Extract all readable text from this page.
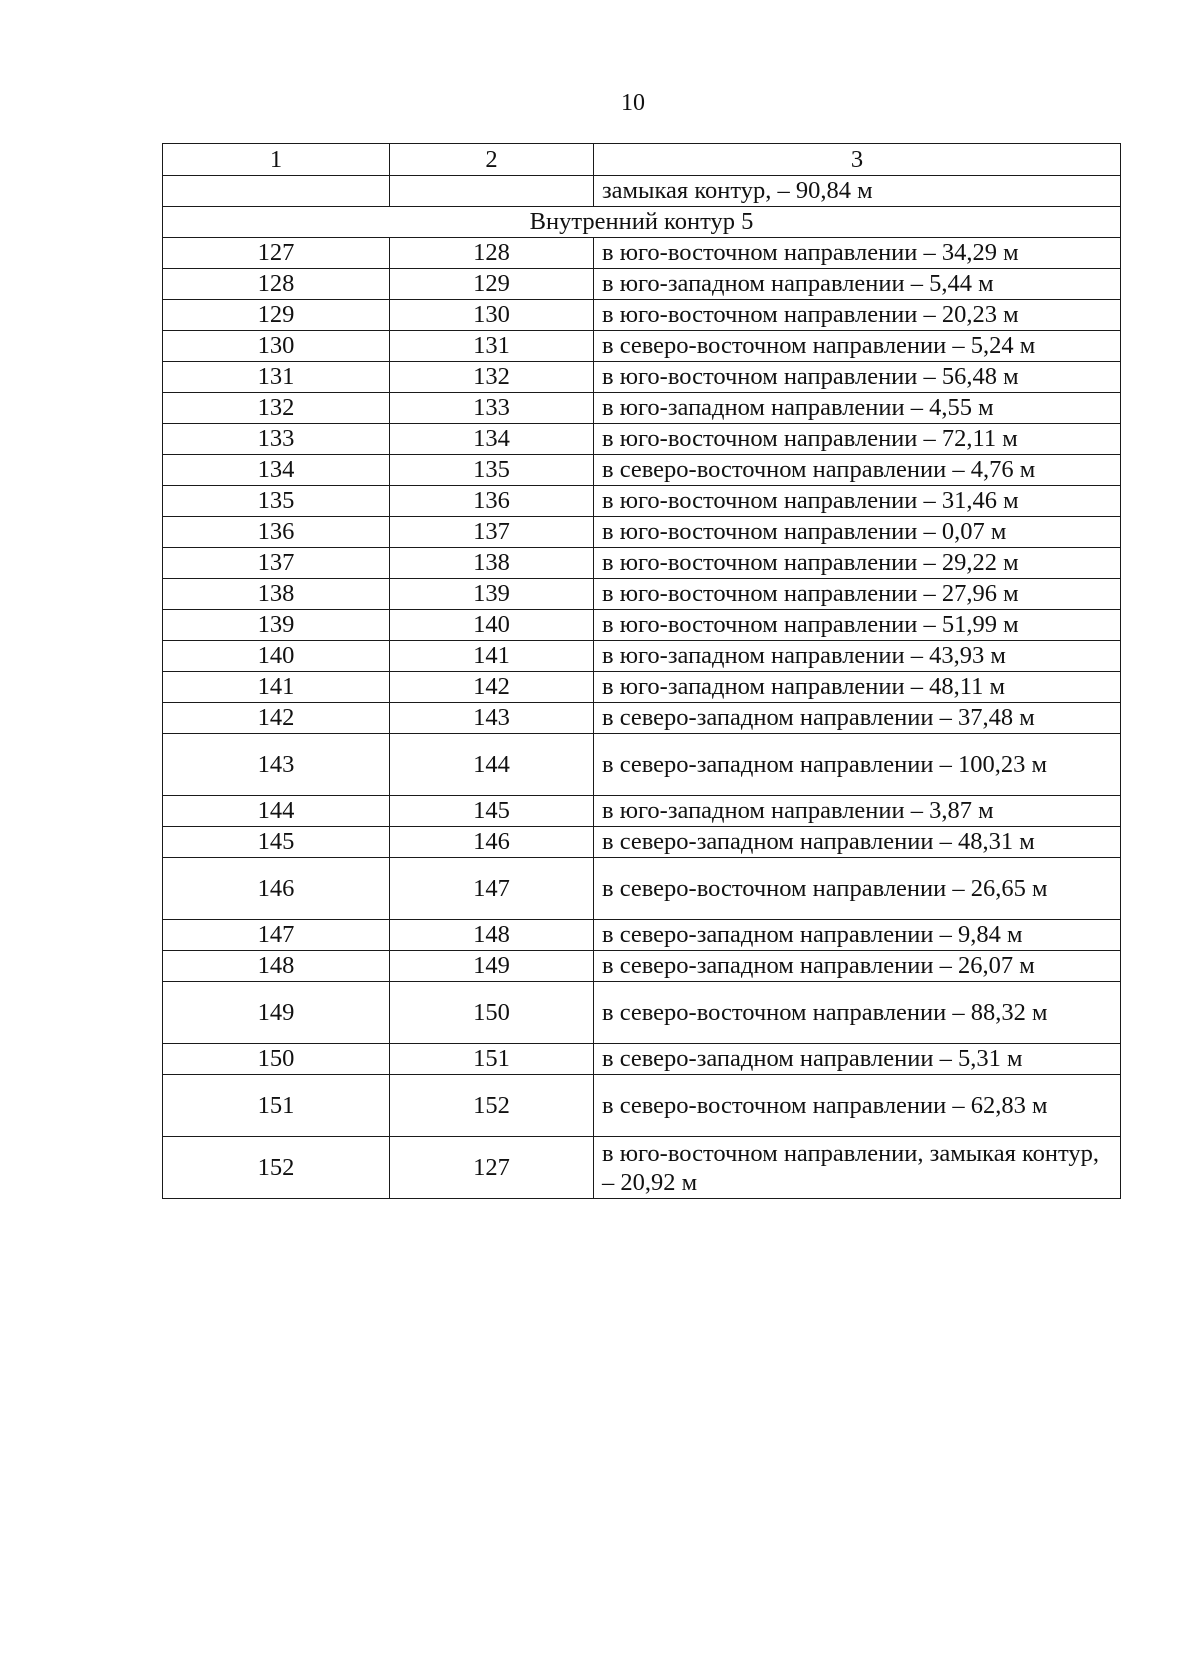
10
1	2	3
		замыкая контур, – 90,84 м
Внутренний контур 5		
127	128	в юго-восточном направлении – 34,29 м
128	129	в юго-западном направлении – 5,44 м
129	130	в юго-восточном направлении – 20,23 м
130	131	в северо-восточном направлении – 5,24 м
131	132	в юго-восточном направлении – 56,48 м
132	133	в юго-западном направлении – 4,55 м
133	134	в юго-восточном направлении – 72,11 м
134	135	в северо-восточном направлении – 4,76 м
135	136	в юго-восточном направлении – 31,46 м
136	137	в юго-восточном направлении – 0,07 м
137	138	в юго-восточном направлении – 29,22 м
138	139	в юго-восточном направлении – 27,96 м
139	140	в юго-восточном направлении – 51,99 м
140	141	в юго-западном направлении – 43,93 м
141	142	в юго-западном направлении – 48,11 м
142	143	в северо-западном направлении – 37,48 м
143	144	в северо-западном направлении – 100,23 м
144	145	в юго-западном направлении – 3,87 м
145	146	в северо-западном направлении – 48,31 м
146	147	в северо-восточном направлении – 26,65 м
147	148	в северо-западном направлении – 9,84 м
148	149	в северо-западном направлении – 26,07 м
149	150	в северо-восточном направлении – 88,32 м
150	151	в северо-западном направлении – 5,31 м
151	152	в северо-восточном направлении – 62,83 м
152	127	в юго-восточном направлении, замыкая контур, – 20,92 м
